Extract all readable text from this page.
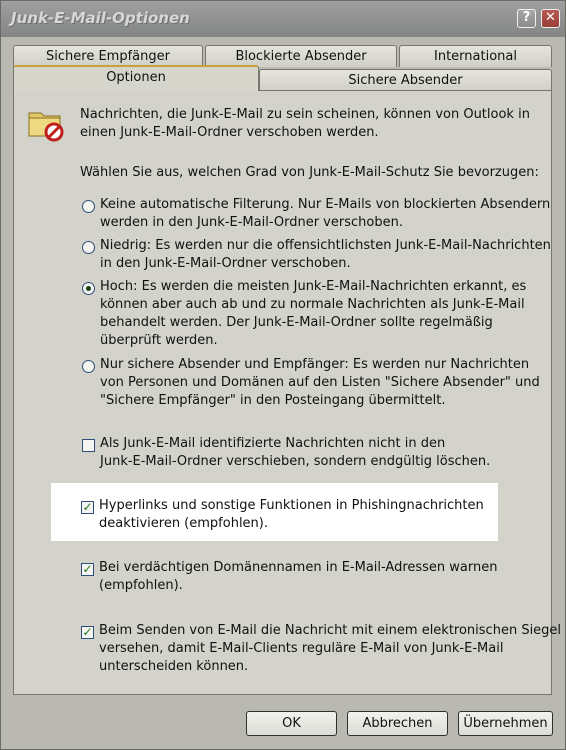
Junk-E-Mail-Optionen	?	✕
Sichere Empfänger	Blockierte Absender	International
Optionen	Sichere Absender
Nachrichten, die Junk-E-Mail zu sein scheinen, können von Outlook in
einen Junk-E-Mail-Ordner verschoben werden.
Wählen Sie aus, welchen Grad von Junk-E-Mail-Schutz Sie bevorzugen:
Keine automatische Filterung. Nur E-Mails von blockierten Absendern
werden in den Junk-E-Mail-Ordner verschoben.
Niedrig: Es werden nur die offensichtlichsten Junk-E-Mail-Nachrichten
in den Junk-E-Mail-Ordner verschoben.
Hoch: Es werden die meisten Junk-E-Mail-Nachrichten erkannt, es
können aber auch ab und zu normale Nachrichten als Junk-E-Mail
behandelt werden. Der Junk-E-Mail-Ordner sollte regelmäßig
überprüft werden.
Nur sichere Absender und Empfänger: Es werden nur Nachrichten
von Personen und Domänen auf den Listen "Sichere Absender" und
"Sichere Empfänger" in den Posteingang übermittelt.
Als Junk-E-Mail identifizierte Nachrichten nicht in den
Junk-E-Mail-Ordner verschieben, sondern endgültig löschen.
✓ Hyperlinks und sonstige Funktionen in Phishingnachrichten
deaktivieren (empfohlen).
✓ Bei verdächtigen Domänennamen in E-Mail-Adressen warnen
(empfohlen).
✓ Beim Senden von E-Mail die Nachricht mit einem elektronischen Siegel
versehen, damit E-Mail-Clients reguläre E-Mail von Junk-E-Mail
unterscheiden können.
OK	Abbrechen	Übernehmen
